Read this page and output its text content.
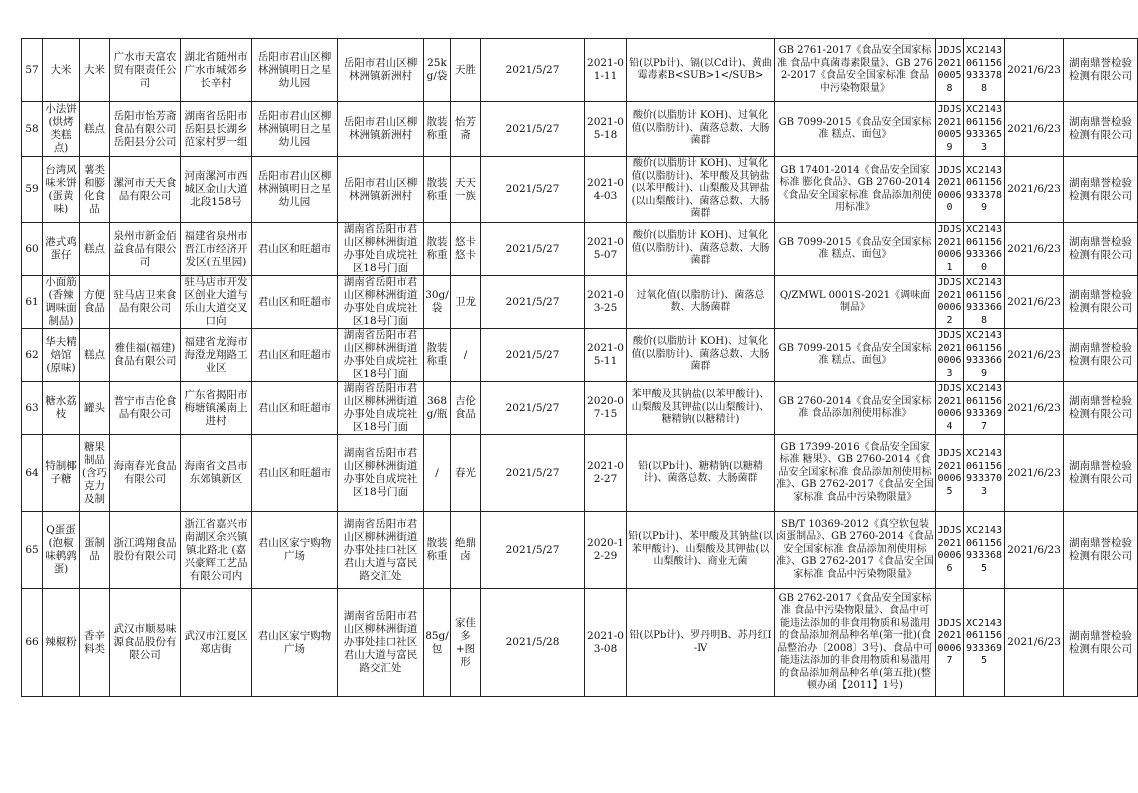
57	大米	大米	广水市天富农贸有限责任公司	湖北省随州市广水市城郊乡长辛村	岳阳市君山区柳林洲镇明日之星幼儿园	岳阳市君山区柳林洲镇新洲村	25kg/袋	天胜	2021/5/27	2021-01-11	铅(以Pb计)、镉(以Cd计)、黄曲霉毒素B<SUB>1</SUB>	GB 2761-2017《食品安全国家标准 食品中真菌毒素限量》、GB 2762-2017《食品安全国家标准 食品中污染物限量》	JDJS202100058	XC21430611569333788	2021/6/23	湖南鼎誉检验检测有限公司
58	小法饼(烘烤类糕点)	糕点	岳阳市怡芳斋食品有限公司岳阳县分公司	湖南省岳阳市岳阳县长湖乡范家村罗一组	岳阳市君山区柳林洲镇明日之星幼儿园	岳阳市君山区柳林洲镇新洲村	散装称重	怡芳斋	2021/5/27	2021-05-18	酸价(以脂肪计 KOH)、过氧化值(以脂肪计)、菌落总数、大肠菌群	GB 7099-2015《食品安全国家标准 糕点、面包》	JDJS202100059	XC21430611569333653	2021/6/23	湖南鼎誉检验检测有限公司
59	台湾风味米饼(蛋黄味)	薯类和膨化食品	漯河市天天食品有限公司	河南漯河市西城区金山大道北段158号	岳阳市君山区柳林洲镇明日之星幼儿园	岳阳市君山区柳林洲镇新洲村	散装称重	天天一族	2021/5/27	2021-04-03	酸价(以脂肪计 KOH)、过氧化值(以脂肪计)、苯甲酸及其钠盐(以苯甲酸计)、山梨酸及其钾盐(以山梨酸计)、菌落总数、大肠菌群	GB 17401-2014《食品安全国家标准 膨化食品》、GB 2760-2014《食品安全国家标准 食品添加剂使用标准》	JDJS202100060	XC21430611569333789	2021/6/23	湖南鼎誉检验检测有限公司
60	港式鸡蛋仔	糕点	泉州市新金佰益食品有限公司	福建省泉州市晋江市经济开发区(五里园)	君山区和旺超市	湖南省岳阳市君山区柳林洲街道办事处自成垸社区18号门面	散装称重	悠卡悠卡	2021/5/27	2021-05-07	酸价(以脂肪计 KOH)、过氧化值(以脂肪计)、菌落总数、大肠菌群	GB 7099-2015《食品安全国家标准 糕点、面包》	JDJS202100061	XC21430611569333660	2021/6/23	湖南鼎誉检验检测有限公司
61	小面筋(香辣调味面制品)	方便食品	驻马店卫来食品有限公司	驻马店市开发区创业大道与乐山大道交叉口向	君山区和旺超市	湖南省岳阳市君山区柳林洲街道办事处自成垸社区18号门面	30g/袋	卫龙	2021/5/27	2021-03-25	过氧化值(以脂肪计)、菌落总数、大肠菌群	Q/ZMWL 0001S-2021《调味面制品》	JDJS202100062	XC21430611569333668	2021/6/23	湖南鼎誉检验检测有限公司
62	华夫精焙馆(原味)	糕点	雅佳福(福建)食品有限公司	福建省龙海市海澄龙翔路工业区	君山区和旺超市	湖南省岳阳市君山区柳林洲街道办事处自成垸社区18号门面	散装称重	/	2021/5/27	2021-05-11	酸价(以脂肪计 KOH)、过氧化值(以脂肪计)、菌落总数、大肠菌群	GB 7099-2015《食品安全国家标准 糕点、面包》	JDJS202100063	XC21430611569333669	2021/6/23	湖南鼎誉检验检测有限公司
63	糖水荔枝	罐头	普宁市吉伦食品有限公司	广东省揭阳市梅塘镇溪南上进村	君山区和旺超市	湖南省岳阳市君山区柳林洲街道办事处自成垸社区18号门面	368g/瓶	吉伦食品	2021/5/27	2020-07-15	苯甲酸及其钠盐(以苯甲酸计)、山梨酸及其钾盐(以山梨酸计)、糖精钠(以糖精计)	GB 2760-2014《食品安全国家标准 食品添加剂使用标准》	JDJS202100064	XC21430611569333697	2021/6/23	湖南鼎誉检验检测有限公司
64	特制椰子糖	糖果制品(含巧克力及制	海南春光食品有限公司	海南省文昌市东郊镇新区	君山区和旺超市	湖南省岳阳市君山区柳林洲街道办事处自成垸社区18号门面	/	春光	2021/5/27	2021-02-27	铅(以Pb计)、糖精钠(以糖精计)、菌落总数、大肠菌群	GB 17399-2016《食品安全国家标准 糖果》、GB 2760-2014《食品安全国家标准 食品添加剂使用标准》、GB 2762-2017《食品安全国家标准 食品中污染物限量》	JDJS202100065	XC21430611569333703	2021/6/23	湖南鼎誉检验检测有限公司
65	Q蛋蛋(泡椒味鹌鹑蛋)	蛋制品	浙江鸿翔食品股份有限公司	浙江省嘉兴市南湖区余兴镇镇北路北 (嘉兴豪辉工艺品有限公司内	君山区家宁购物广场	湖南省岳阳市君山区柳林洲街道办事处挂口社区君山大道与富民路交汇处	散装称重	绝鼎卤	2021/5/27	2020-12-29	铅(以Pb计)、苯甲酸及其钠盐(以苯甲酸计)、山梨酸及其钾盐(以山梨酸计)、商业无菌	SB/T 10369-2012《真空软包装卤蛋制品》、GB 2760-2014《食品安全国家标准 食品添加剂使用标准》、GB 2762-2017《食品安全国家标准 食品中污染物限量》	JDJS202100066	XC21430611569333685	2021/6/23	湖南鼎誉检验检测有限公司
66	辣椒粉	香辛料类	武汉市顺易味源食品股份有限公司	武汉市江夏区郑店街	君山区家宁购物广场	湖南省岳阳市君山区柳林洲街道办事处挂口社区君山大道与富民路交汇处	85g/包	家佳多+图形	2021/5/28	2021-03-08	铅(以Pb计)、罗丹明B、苏丹红Ⅰ-Ⅳ	GB 2762-2017《食品安全国家标准 食品中污染物限量》、食品中可能违法添加的非食用物质和易滥用的食品添加剂品种名单(第一批)(食品整治办〔2008〕3号)、食品中可能违法添加的非食用物质和易滥用的食品添加剂品种名单(第五批)(整顿办函【2011】1号)	JDJS202100067	XC21430611569333695	2021/6/23	湖南鼎誉检验检测有限公司
